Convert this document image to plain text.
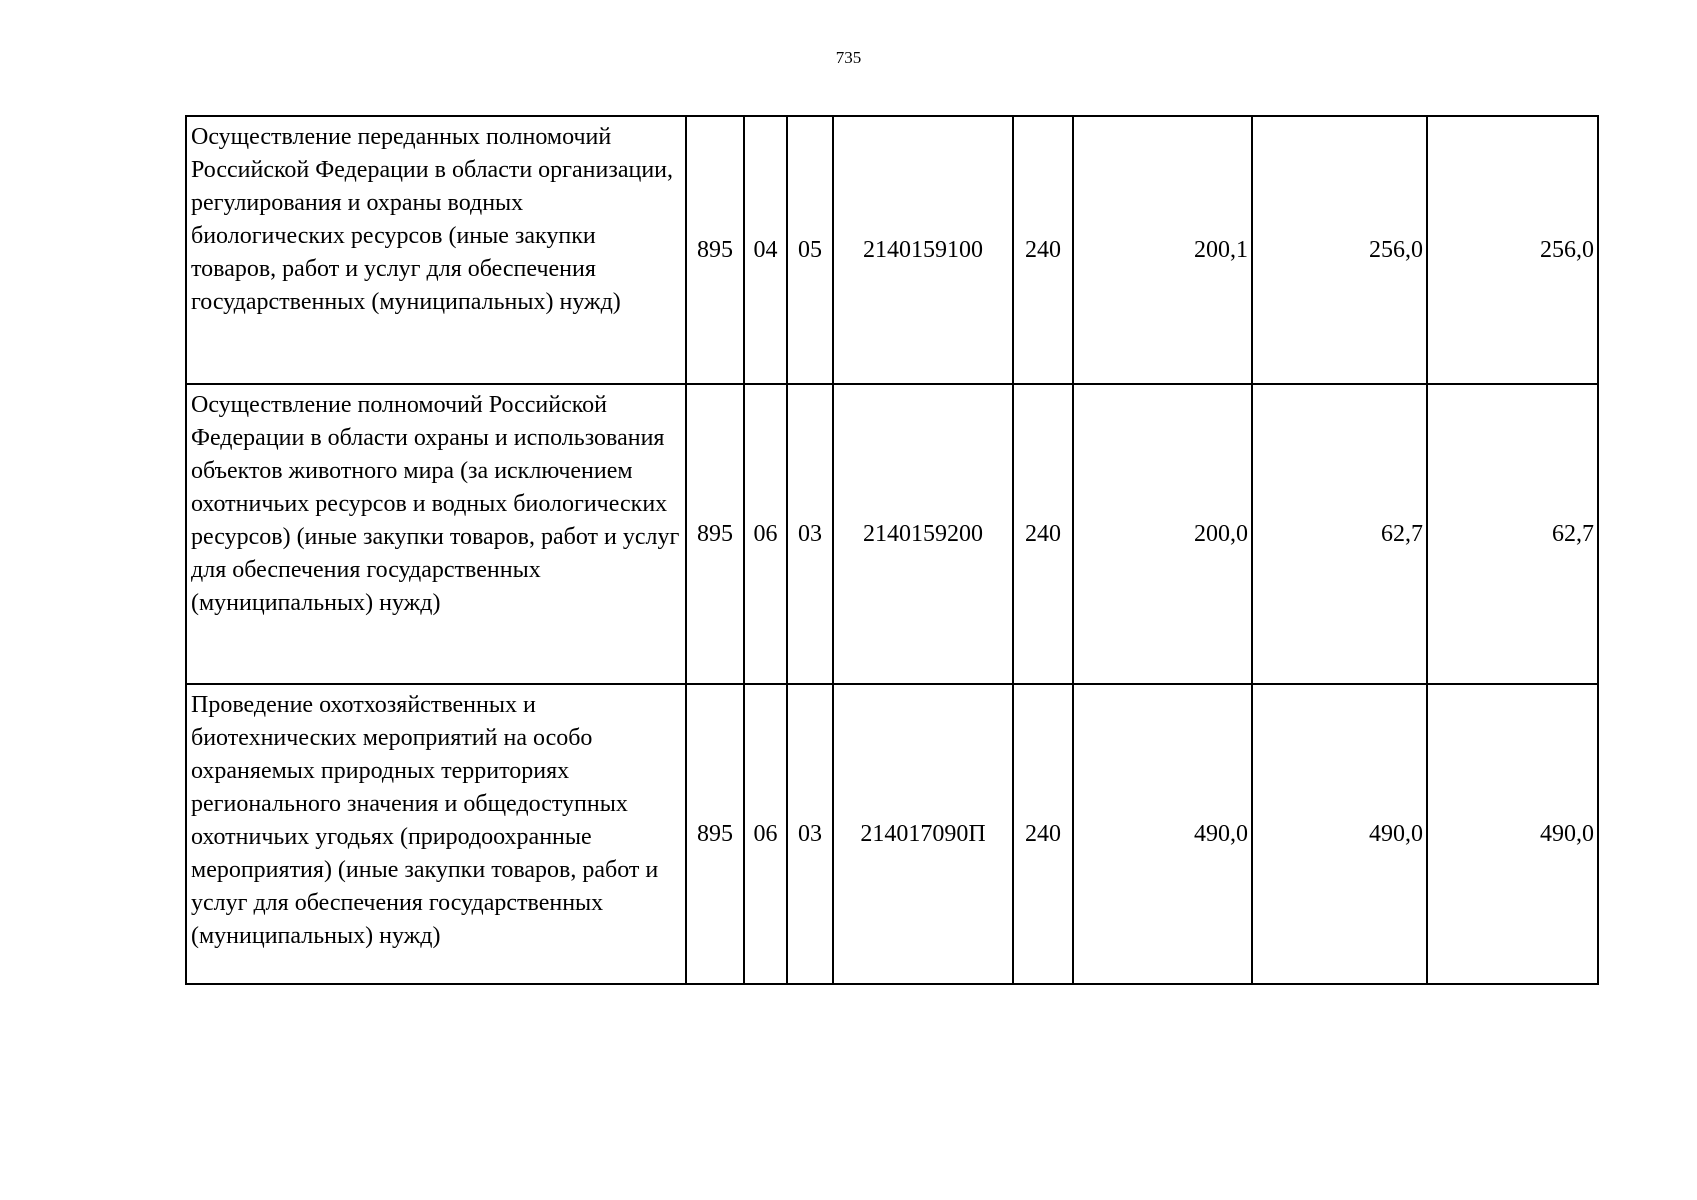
735
Осуществление переданных полномочий Российской Федерации в области организации, регулирования и охраны водных биологических ресурсов (иные закупки товаров, работ и услуг для обеспечения государственных (муниципальных) нужд)	895	04	05	2140159100	240	200,1	256,0	256,0
Осуществление полномочий Российской Федерации в области охраны и использования объектов животного мира (за исключением охотничьих ресурсов и водных биологических ресурсов) (иные закупки товаров, работ и услуг для обеспечения государственных (муниципальных) нужд)	895	06	03	2140159200	240	200,0	62,7	62,7
Проведение охотхозяйственных и биотехнических мероприятий на особо охраняемых природных территориях регионального значения и общедоступных охотничьих угодьях (природоохранные мероприятия) (иные закупки товаров, работ и услуг для обеспечения государственных (муниципальных) нужд)	895	06	03	214017090П	240	490,0	490,0	490,0
